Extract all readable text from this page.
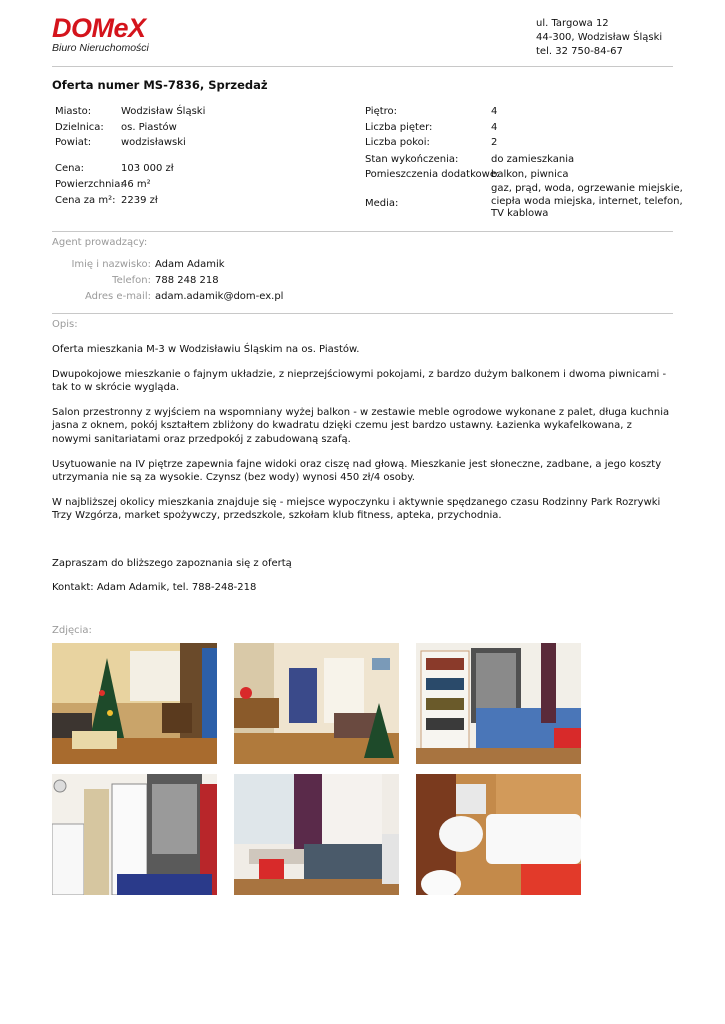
DOMeX
Biuro Nieruchomości
ul. Targowa 12
44-300, Wodzisław Śląski
tel. 32 750-84-67
Oferta numer MS-7836, Sprzedaż
Miasto:	Wodzisław Śląski
Dzielnica: os. Piastów
Powiat:	wodzisławski
Cena:	103 000 zł
Powierzchnia:
46 m²
Cena za m²: 2239 zł
Piętro:	4
Liczba pięter:	4
Liczba pokoi:	2
Stan wykończenia:	do zamieszkania
Pomieszczenia dodatkowe:
balkon, piwnica
Media:
gaz, prąd, woda, ogrzewanie miejskie,
ciepła woda miejska, internet, telefon,
TV kablowa
Agent prowadzący:
Imię i nazwisko: Adam Adamik
Telefon: 788 248 218
Adres e-mail: adam.adamik@dom-ex.pl
Opis:

Oferta mieszkania M-3 w Wodzisławiu Śląskim na os. Piastów.

Dwupokojowe mieszkanie o fajnym układzie, z nieprzejściowymi pokojami, z bardzo dużym balkonem i dwoma piwnicami - tak to w skrócie wygląda.

Salon przestronny z wyjściem na wspomniany wyżej balkon - w zestawie meble ogrodowe wykonane z palet, długa kuchnia jasna z oknem, pokój kształtem zbliżony do kwadratu dzięki czemu jest bardzo ustawny. Łazienka wykafelkowana, z nowymi sanitariatami oraz przedpokój z zabudowaną szafą.

Usytuowanie na IV piętrze zapewnia fajne widoki oraz ciszę nad głową. Mieszkanie jest słoneczne, zadbane, a jego koszty utrzymania nie są za wysokie. Czynsz (bez wody) wynosi 450 zł/4 osoby.

W najbliższej okolicy mieszkania znajduje się - miejsce wypoczynku i aktywnie spędzanego czasu Rodzinny Park Rozrywki Trzy Wzgórza, market spożywczy, przedszkole, szkołam klub fitness, apteka, przychodnia.

Zapraszam do bliższego zapoznania się z ofertą
Kontakt: Adam Adamik, tel. 788-248-218
Zdjęcia:
